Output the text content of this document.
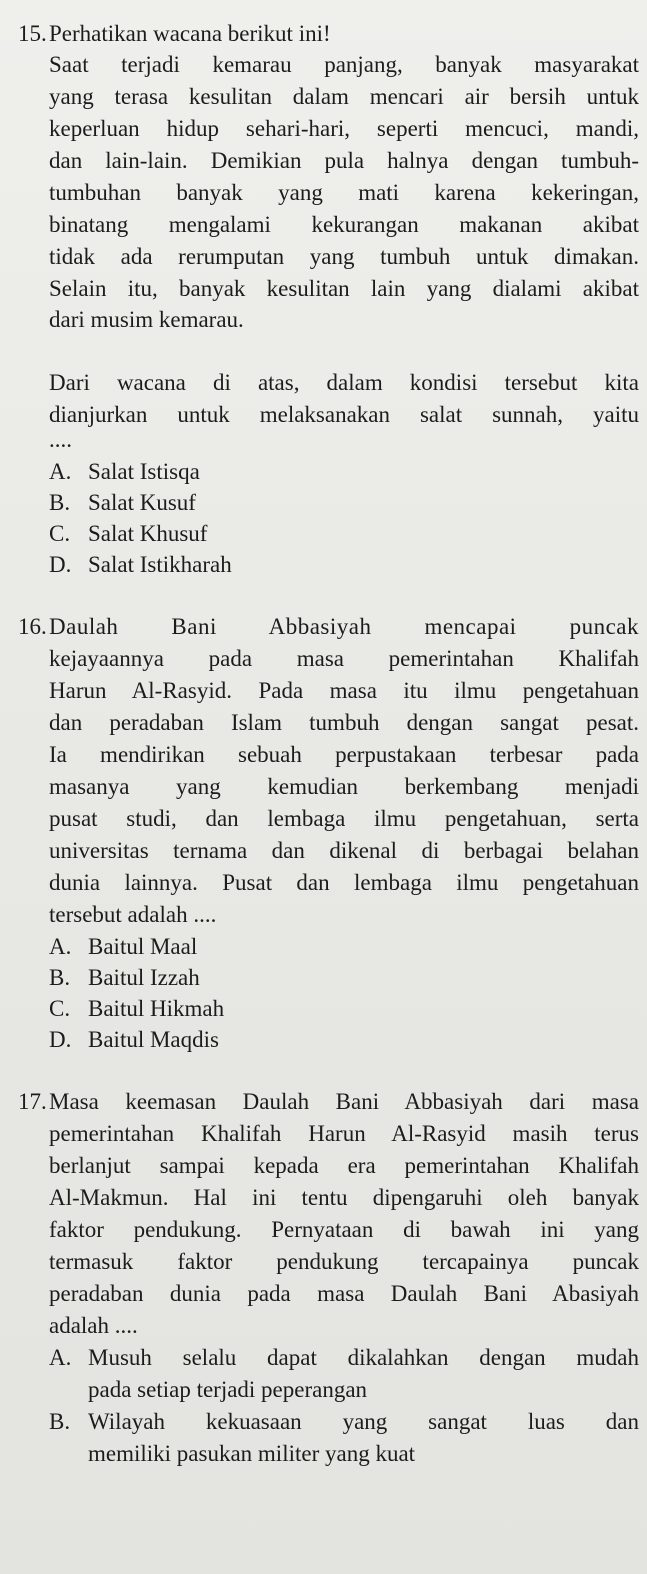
15. Perhatikan wacana berikut ini!
Saat terjadi kemarau panjang, banyak masyarakat
yang terasa kesulitan dalam mencari air bersih untuk
keperluan hidup sehari-hari, seperti mencuci, mandi,
dan lain-lain. Demikian pula halnya dengan tumbuh-
tumbuhan banyak yang mati karena kekeringan,
binatang mengalami kekurangan makanan akibat
tidak ada rerumputan yang tumbuh untuk dimakan.
Selain itu, banyak kesulitan lain yang dialami akibat
dari musim kemarau.
Dari wacana di atas, dalam kondisi tersebut kita
dianjurkan untuk melaksanakan salat sunnah, yaitu
....
A. Salat Istisqa
B. Salat Kusuf
C. Salat Khusuf
D. Salat Istikharah
16. Daulah Bani Abbasiyah mencapai puncak
kejayaannya pada masa pemerintahan Khalifah
Harun Al-Rasyid. Pada masa itu ilmu pengetahuan
dan peradaban Islam tumbuh dengan sangat pesat.
Ia mendirikan sebuah perpustakaan terbesar pada
masanya yang kemudian berkembang menjadi
pusat studi, dan lembaga ilmu pengetahuan, serta
universitas ternama dan dikenal di berbagai belahan
dunia lainnya. Pusat dan lembaga ilmu pengetahuan
tersebut adalah ....
A. Baitul Maal
B. Baitul Izzah
C. Baitul Hikmah
D. Baitul Maqdis
17. Masa keemasan Daulah Bani Abbasiyah dari masa
pemerintahan Khalifah Harun Al-Rasyid masih terus
berlanjut sampai kepada era pemerintahan Khalifah
Al-Makmun. Hal ini tentu dipengaruhi oleh banyak
faktor pendukung. Pernyataan di bawah ini yang
termasuk faktor pendukung tercapainya puncak
peradaban dunia pada masa Daulah Bani Abasiyah
adalah ....
A. Musuh selalu dapat dikalahkan dengan mudah
pada setiap terjadi peperangan
B. Wilayah kekuasaan yang sangat luas dan
memiliki pasukan militer yang kuat
